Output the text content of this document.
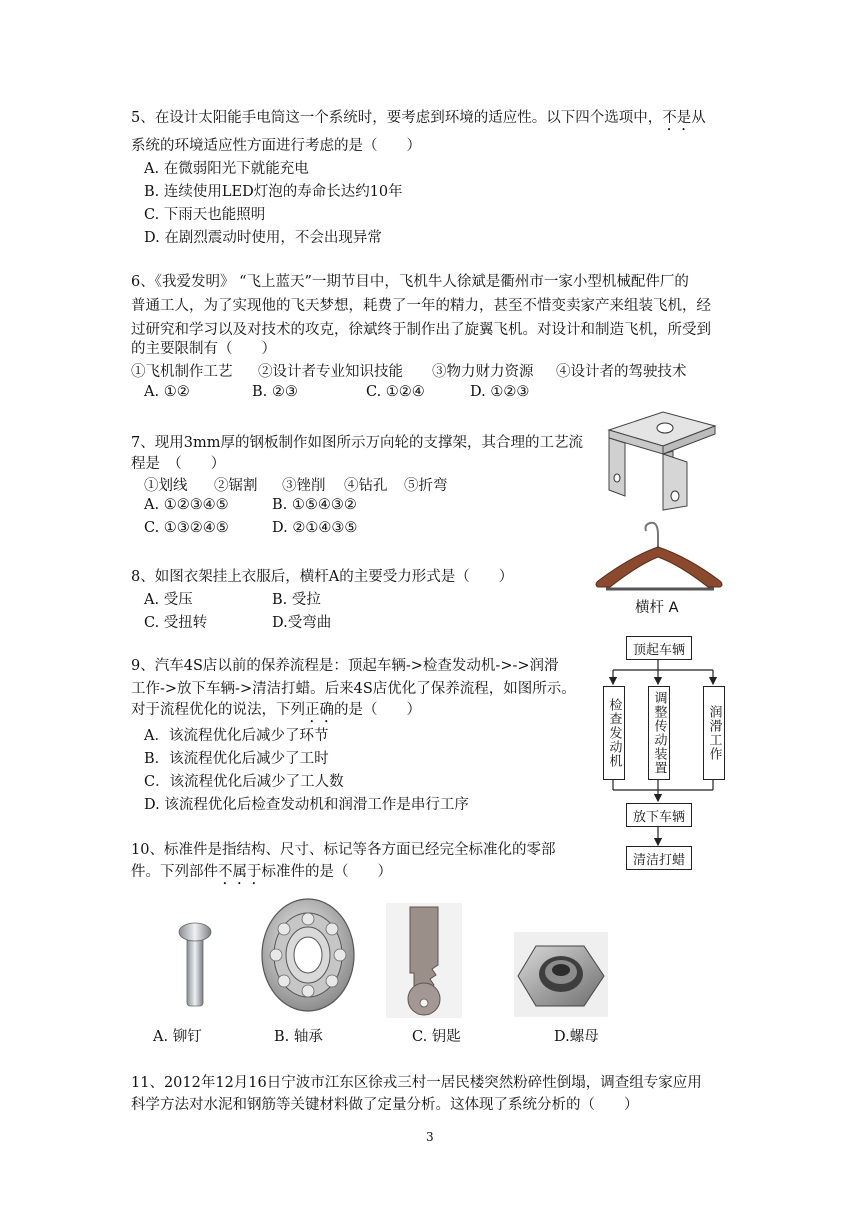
5、在设计太阳能手电筒这一个系统时，要考虑到环境的适应性。以下四个选项中，不是从
系统的环境适应性方面进行考虑的是（　　）
A. 在微弱阳光下就能充电
B. 连续使用LED灯泡的寿命长达约10年
C. 下雨天也能照明
D. 在剧烈震动时使用，不会出现异常
6、《我爱发明》 “飞上蓝天”一期节目中，飞机牛人徐斌是衢州市一家小型机械配件厂的
普通工人，为了实现他的飞天梦想，耗费了一年的精力，甚至不惜变卖家产来组装飞机，经
过研究和学习以及对技术的攻克，徐斌终于制作出了旋翼飞机。对设计和制造飞机，所受到
的主要限制有（　　）
①飞机制作工艺 ②设计者专业知识技能 ③物力财力资源 ④设计者的驾驶技术
A. ①②	B. ②③	C. ①②④	D. ①②③
7、现用3mm厚的钢板制作如图所示万向轮的支撑架，其合理的工艺流
程是　（　　）
①划线 ②锯割 ③锉削 ④钻孔 ⑤折弯
A. ①②③④⑤	B. ①⑤④③②
C. ①③②④⑤	D. ②①④③⑤
8、如图衣架挂上衣服后，横杆A的主要受力形式是（　　）
A. 受压	B. 受拉
C. 受扭转	D.受弯曲
横杆 A
9、汽车4S店以前的保养流程是：顶起车辆->检查发动机->->润滑
工作->放下车辆->清洁打蜡。后来4S店优化了保养流程，如图所示。
对于流程优化的说法，下列正确的是（　　）
A．该流程优化后减少了环节
B．该流程优化后减少了工时
C．该流程优化后减少了工人数
D. 该流程优化后检查发动机和润滑工作是串行工序
顶起车辆
检查发动机 调整传动装置	润滑工作
放下车辆
清洁打蜡
10、标准件是指结构、尺寸、标记等各方面已经完全标准化的零部
件。下列部件不属于标准件的是（　　）
A. 铆钉	B. 轴承	C. 钥匙	D.螺母
11、2012年12月16日宁波市江东区徐戎三村一居民楼突然粉碎性倒塌，调查组专家应用
科学方法对水泥和钢筋等关键材料做了定量分析。这体现了系统分析的（　　）
3
